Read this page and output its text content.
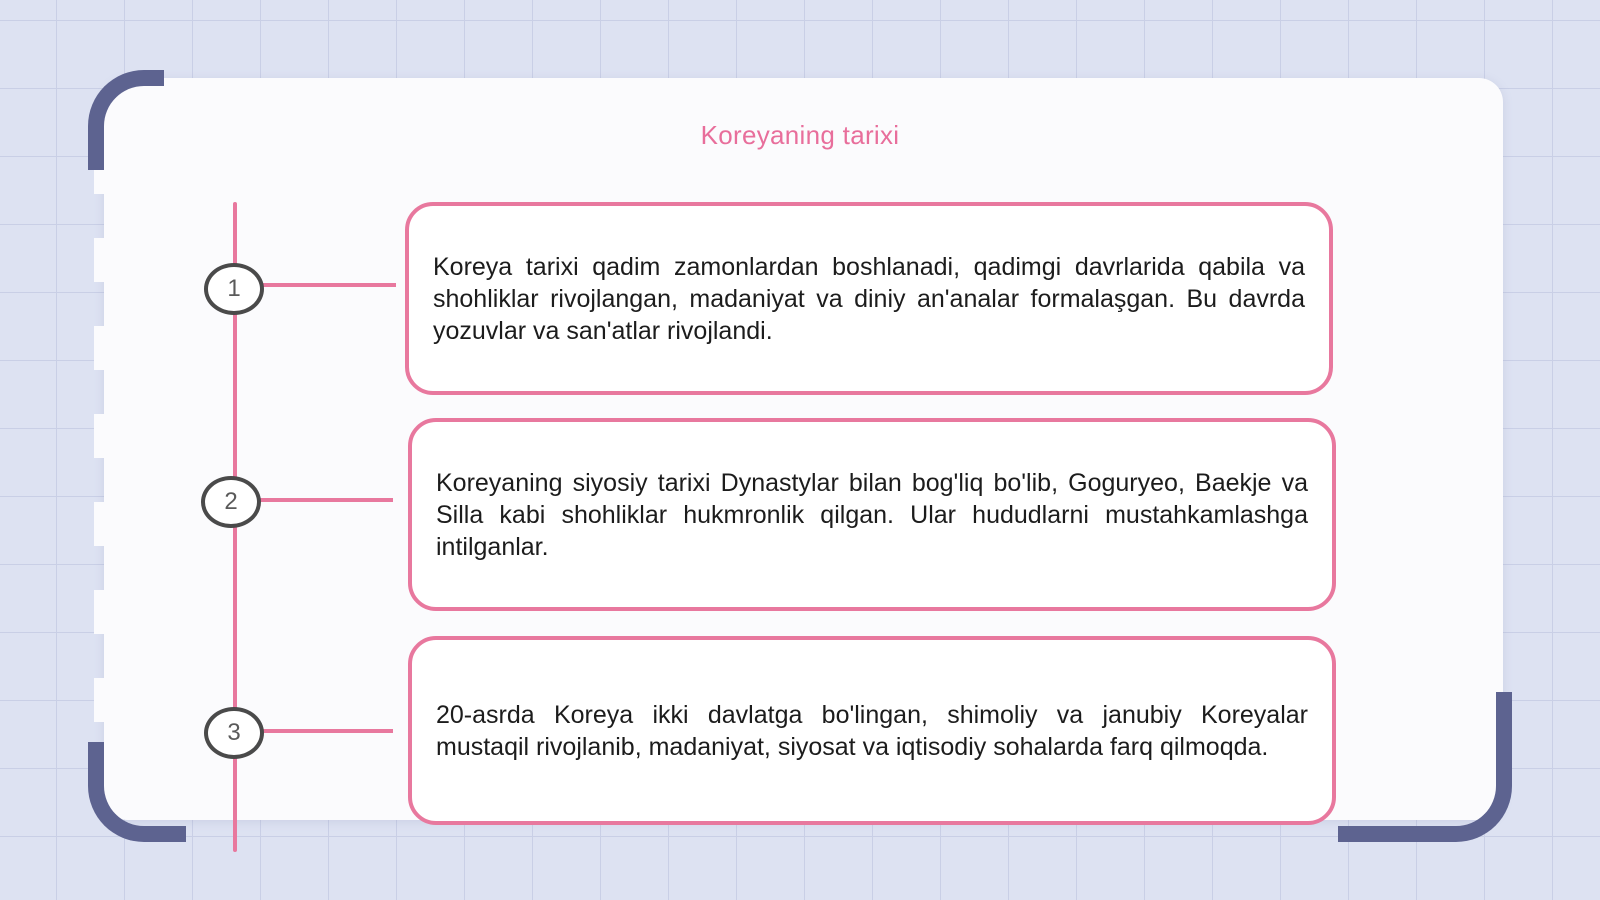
Koreyaning tarixi
1

Koreya tarixi qadim zamonlardan boshlanadi, qadimgi davrlarida qabila va shohliklar rivojlangan, madaniyat va diniy an'analar formalaşgan. Bu davrda yozuvlar va san'atlar rivojlandi.

2

Koreyaning siyosiy tarixi Dynastylar bilan bog'liq bo'lib, Goguryeo, Baekje va Silla kabi shohliklar hukmronlik qilgan. Ular hududlarni mustahkamlashga intilganlar.

3

20-asrda Koreya ikki davlatga bo'lingan, shimoliy va janubiy Koreyalar mustaqil rivojlanib, madaniyat, siyosat va iqtisodiy sohalarda farq qilmoqda.
